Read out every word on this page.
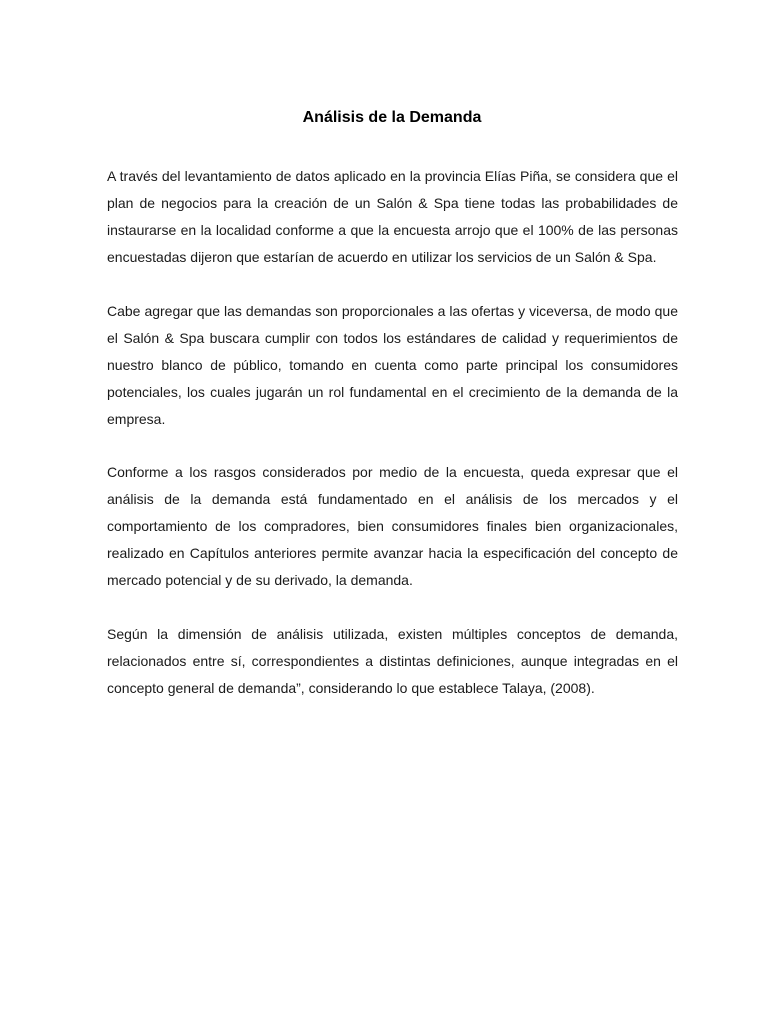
Análisis de la Demanda

A través del levantamiento de datos aplicado en la provincia Elías Piña, se considera que el plan de negocios para la creación de un Salón & Spa tiene todas las probabilidades de instaurarse en la localidad conforme a que la encuesta arrojo que el 100% de las personas encuestadas dijeron que estarían de acuerdo en utilizar los servicios de un Salón & Spa.

Cabe agregar que las demandas son proporcionales a las ofertas y viceversa, de modo que el Salón & Spa buscara cumplir con todos los estándares de calidad y requerimientos de nuestro blanco de público, tomando en cuenta como parte principal los consumidores potenciales, los cuales jugarán un rol fundamental en el crecimiento de la demanda de la empresa.

Conforme a los rasgos considerados por medio de la encuesta, queda expresar que el análisis de la demanda está fundamentado en el análisis de los mercados y el comportamiento de los compradores, bien consumidores finales bien organizacionales, realizado en Capítulos anteriores permite avanzar hacia la especificación del concepto de mercado potencial y de su derivado, la demanda.

Según la dimensión de análisis utilizada, existen múltiples conceptos de demanda, relacionados entre sí, correspondientes a distintas definiciones, aunque integradas en el concepto general de demanda”, considerando lo que establece Talaya, (2008).
